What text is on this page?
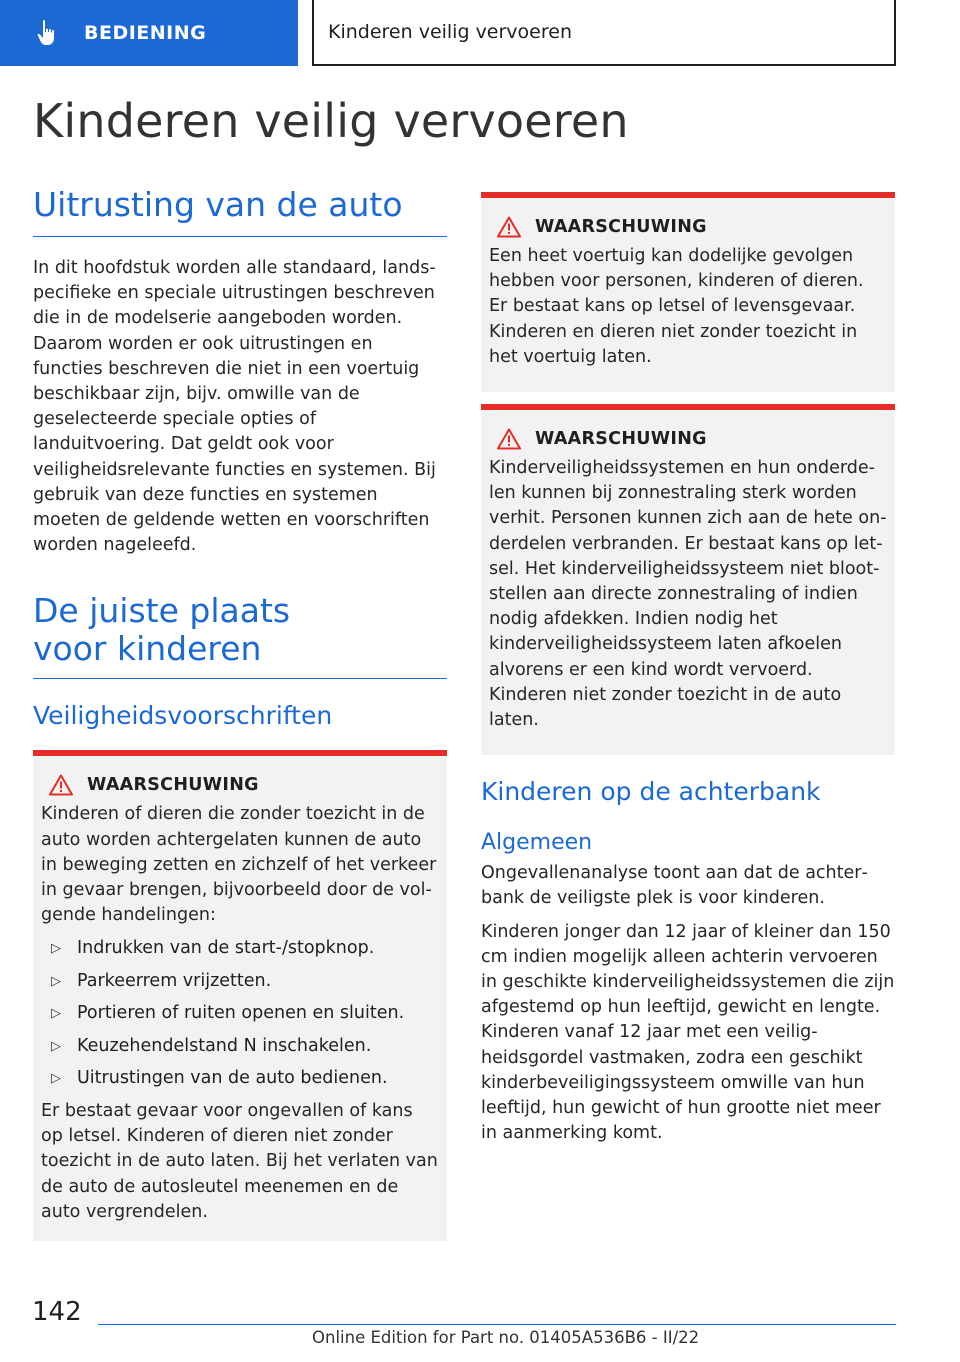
BEDIENING	Kinderen veilig vervoeren
Kinderen veilig vervoeren
Uitrusting van de auto

In dit hoofdstuk worden alle standaard, landspecifieke en speciale uitrustingen beschreven die in de modelserie aangeboden worden. Daarom worden er ook uitrustingen en functies beschreven die niet in een voertuig beschikbaar zijn, bijv. omwille van de geselecteerde speciale opties of landuitvoering. Dat geldt ook voor veiligheidsrelevante functies en systemen. Bij gebruik van deze functies en systemen moeten de geldende wetten en voorschriften worden nageleefd.

De juiste plaats voor kinderen
Veiligheidsvoorschriften
WAARSCHUWING

Kinderen of dieren die zonder toezicht in de auto worden achtergelaten kunnen de auto in beweging zetten en zichzelf of het verkeer in gevaar brengen, bijvoorbeeld door de volgende handelingen:

▷ Indrukken van de start-/stopknop.
▷ Parkeerrem vrijzetten.
▷ Portieren of ruiten openen en sluiten.
▷ Keuzehendelstand N inschakelen.
▷ Uitrustingen van de auto bedienen.

Er bestaat gevaar voor ongevallen of kans op letsel. Kinderen of dieren niet zonder toezicht in de auto laten. Bij het verlaten van de auto de autosleutel meenemen en de auto vergrendelen.

WAARSCHUWING

Een heet voertuig kan dodelijke gevolgen hebben voor personen, kinderen of dieren. Er bestaat kans op letsel of levensgevaar. Kinderen en dieren niet zonder toezicht in het voertuig laten.

WAARSCHUWING

Kinderveiligheidssystemen en hun onderdelen kunnen bij zonnestraling sterk worden verhit. Personen kunnen zich aan de hete onderdelen verbranden. Er bestaat kans op letsel. Het kinderveiligheidssysteem niet blootstellen aan directe zonnestraling of indien nodig afdekken. Indien nodig het kinderveiligheidssysteem laten afkoelen alvorens er een kind wordt vervoerd. Kinderen niet zonder toezicht in de auto laten.

Kinderen op de achterbank
Algemeen

Ongevallenanalyse toont aan dat de achterbank de veiligste plek is voor kinderen.

Kinderen jonger dan 12 jaar of kleiner dan 150 cm indien mogelijk alleen achterin vervoeren in geschikte kinderveiligheidssystemen die zijn afgestemd op hun leeftijd, gewicht en lengte. Kinderen vanaf 12 jaar met een veiligheidsgordel vastmaken, zodra een geschikt kinderbeveiligingssysteem omwille van hun leeftijd, hun gewicht of hun grootte niet meer in aanmerking komt.

142
Online Edition for Part no. 01405A536B6 - II/22
